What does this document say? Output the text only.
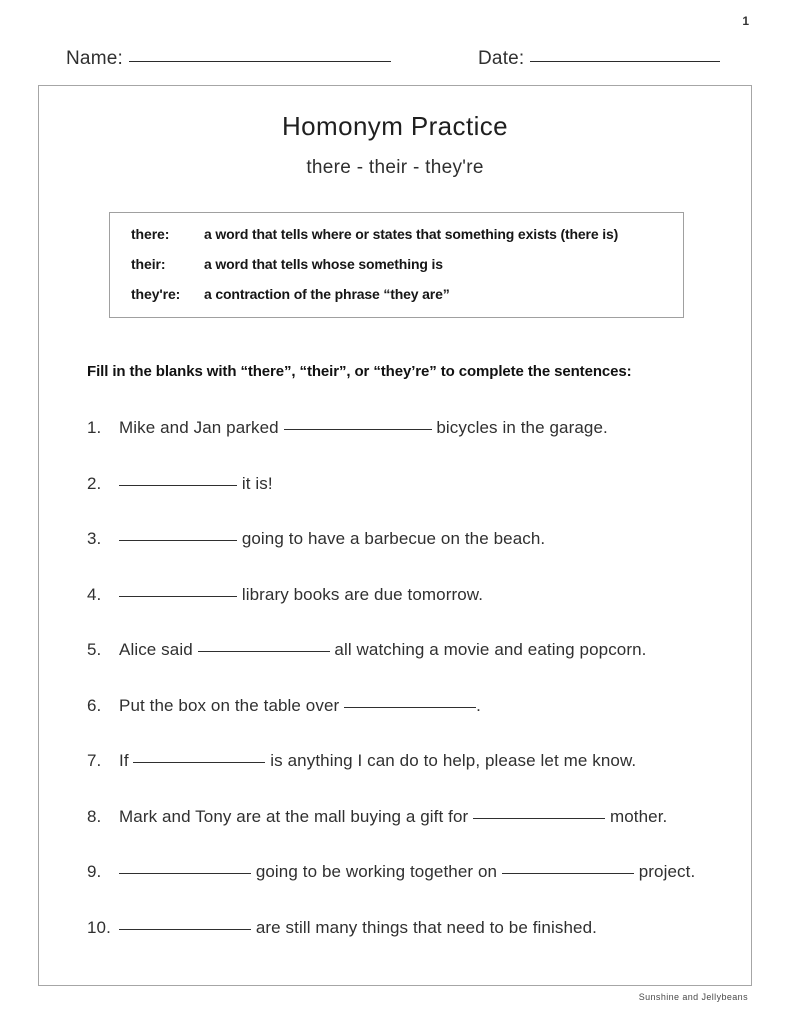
1
Name:	Date:
Homonym Practice
there - their - they're
there:	a word that tells where or states that something exists (there is)
their:	a word that tells whose something is
they're:	a contraction of the phrase “they are”
Fill in the blanks with “there”, “their”, or “they’re” to complete the sentences:
1.	Mike and Jan parked	bicycles in the garage.
2.	it is!
3.	going to have a barbecue on the beach.
4.	library books are due tomorrow.
5.	Alice said	all watching a movie and eating popcorn.
6.	Put the box on the table over	.
7.	If	is anything I can do to help, please let me know.
8.	Mark and Tony are at the mall buying a gift for	mother.
9.	going to be working together on	project.
10.	are still many things that need to be finished.
Sunshine and Jellybeans
